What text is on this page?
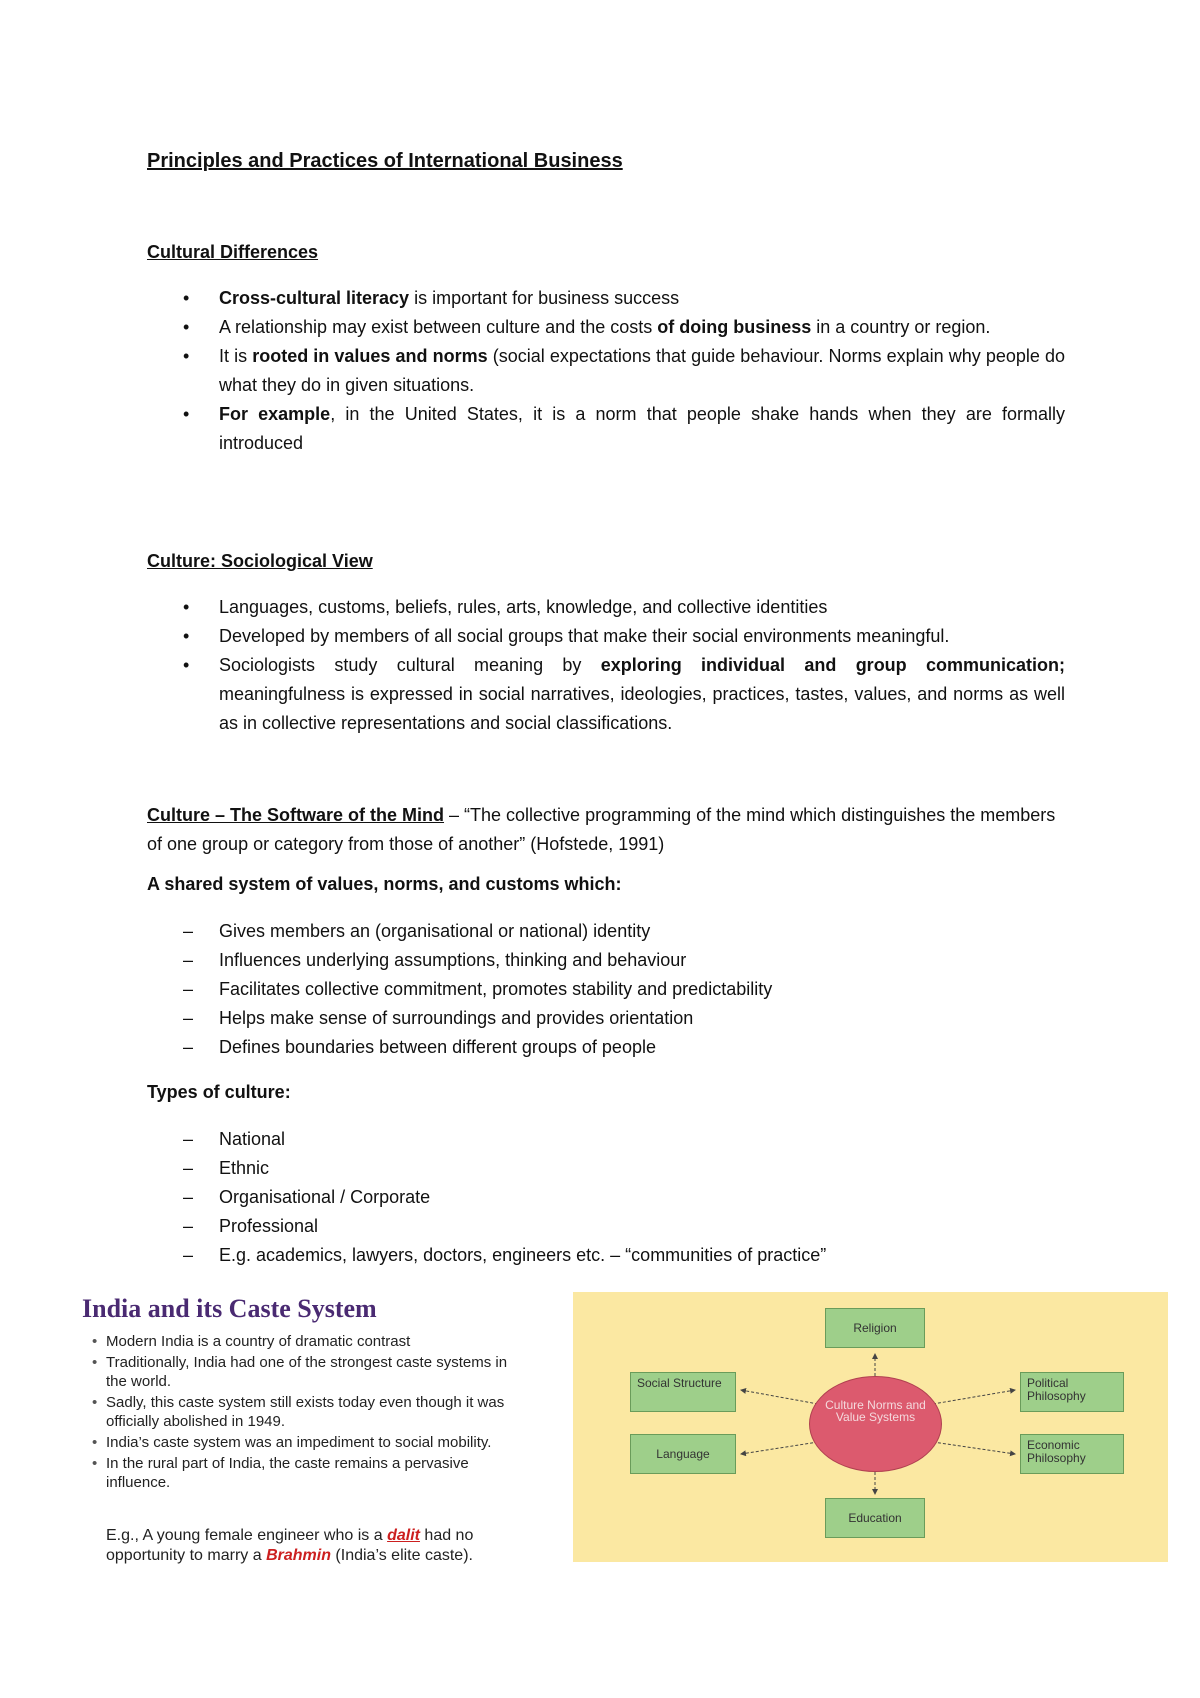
Principles and Practices of International Business
Cultural Differences
• Cross-cultural literacy is important for business success
• A relationship may exist between culture and the costs of doing business in a country or region.
• It is rooted in values and norms (social expectations that guide behaviour. Norms explain why people do what they do in given situations.
• For example, in the United States, it is a norm that people shake hands when they are formally introduced
Culture: Sociological View
• Languages, customs, beliefs, rules, arts, knowledge, and collective identities
• Developed by members of all social groups that make their social environments meaningful.
• Sociologists study cultural meaning by exploring individual and group communication; meaningfulness is expressed in social narratives, ideologies, practices, tastes, values, and norms as well as in collective representations and social classifications.
Culture – The Software of the Mind – “The collective programming of the mind which distinguishes the members of one group or category from those of another” (Hofstede, 1991)
A shared system of values, norms, and customs which:
– Gives members an (organisational or national) identity
– Influences underlying assumptions, thinking and behaviour
– Facilitates collective commitment, promotes stability and predictability
– Helps make sense of surroundings and provides orientation
– Defines boundaries between different groups of people
Types of culture:
– National
– Ethnic
– Organisational / Corporate
– Professional
– E.g. academics, lawyers, doctors, engineers etc. – “communities of practice”
India and its Caste System
• Modern India is a country of dramatic contrast
• Traditionally, India had one of the strongest caste systems in the world.
• Sadly, this caste system still exists today even though it was officially abolished in 1949.
• India’s caste system was an impediment to social mobility.
• In the rural part of India, the caste remains a pervasive influence.
E.g., A young female engineer who is a dalit had no opportunity to marry a Brahmin (India’s elite caste).
Religion
Social Structure	Political Philosophy
Culture Norms and Value Systems
Language
Economic Philosophy
Education
